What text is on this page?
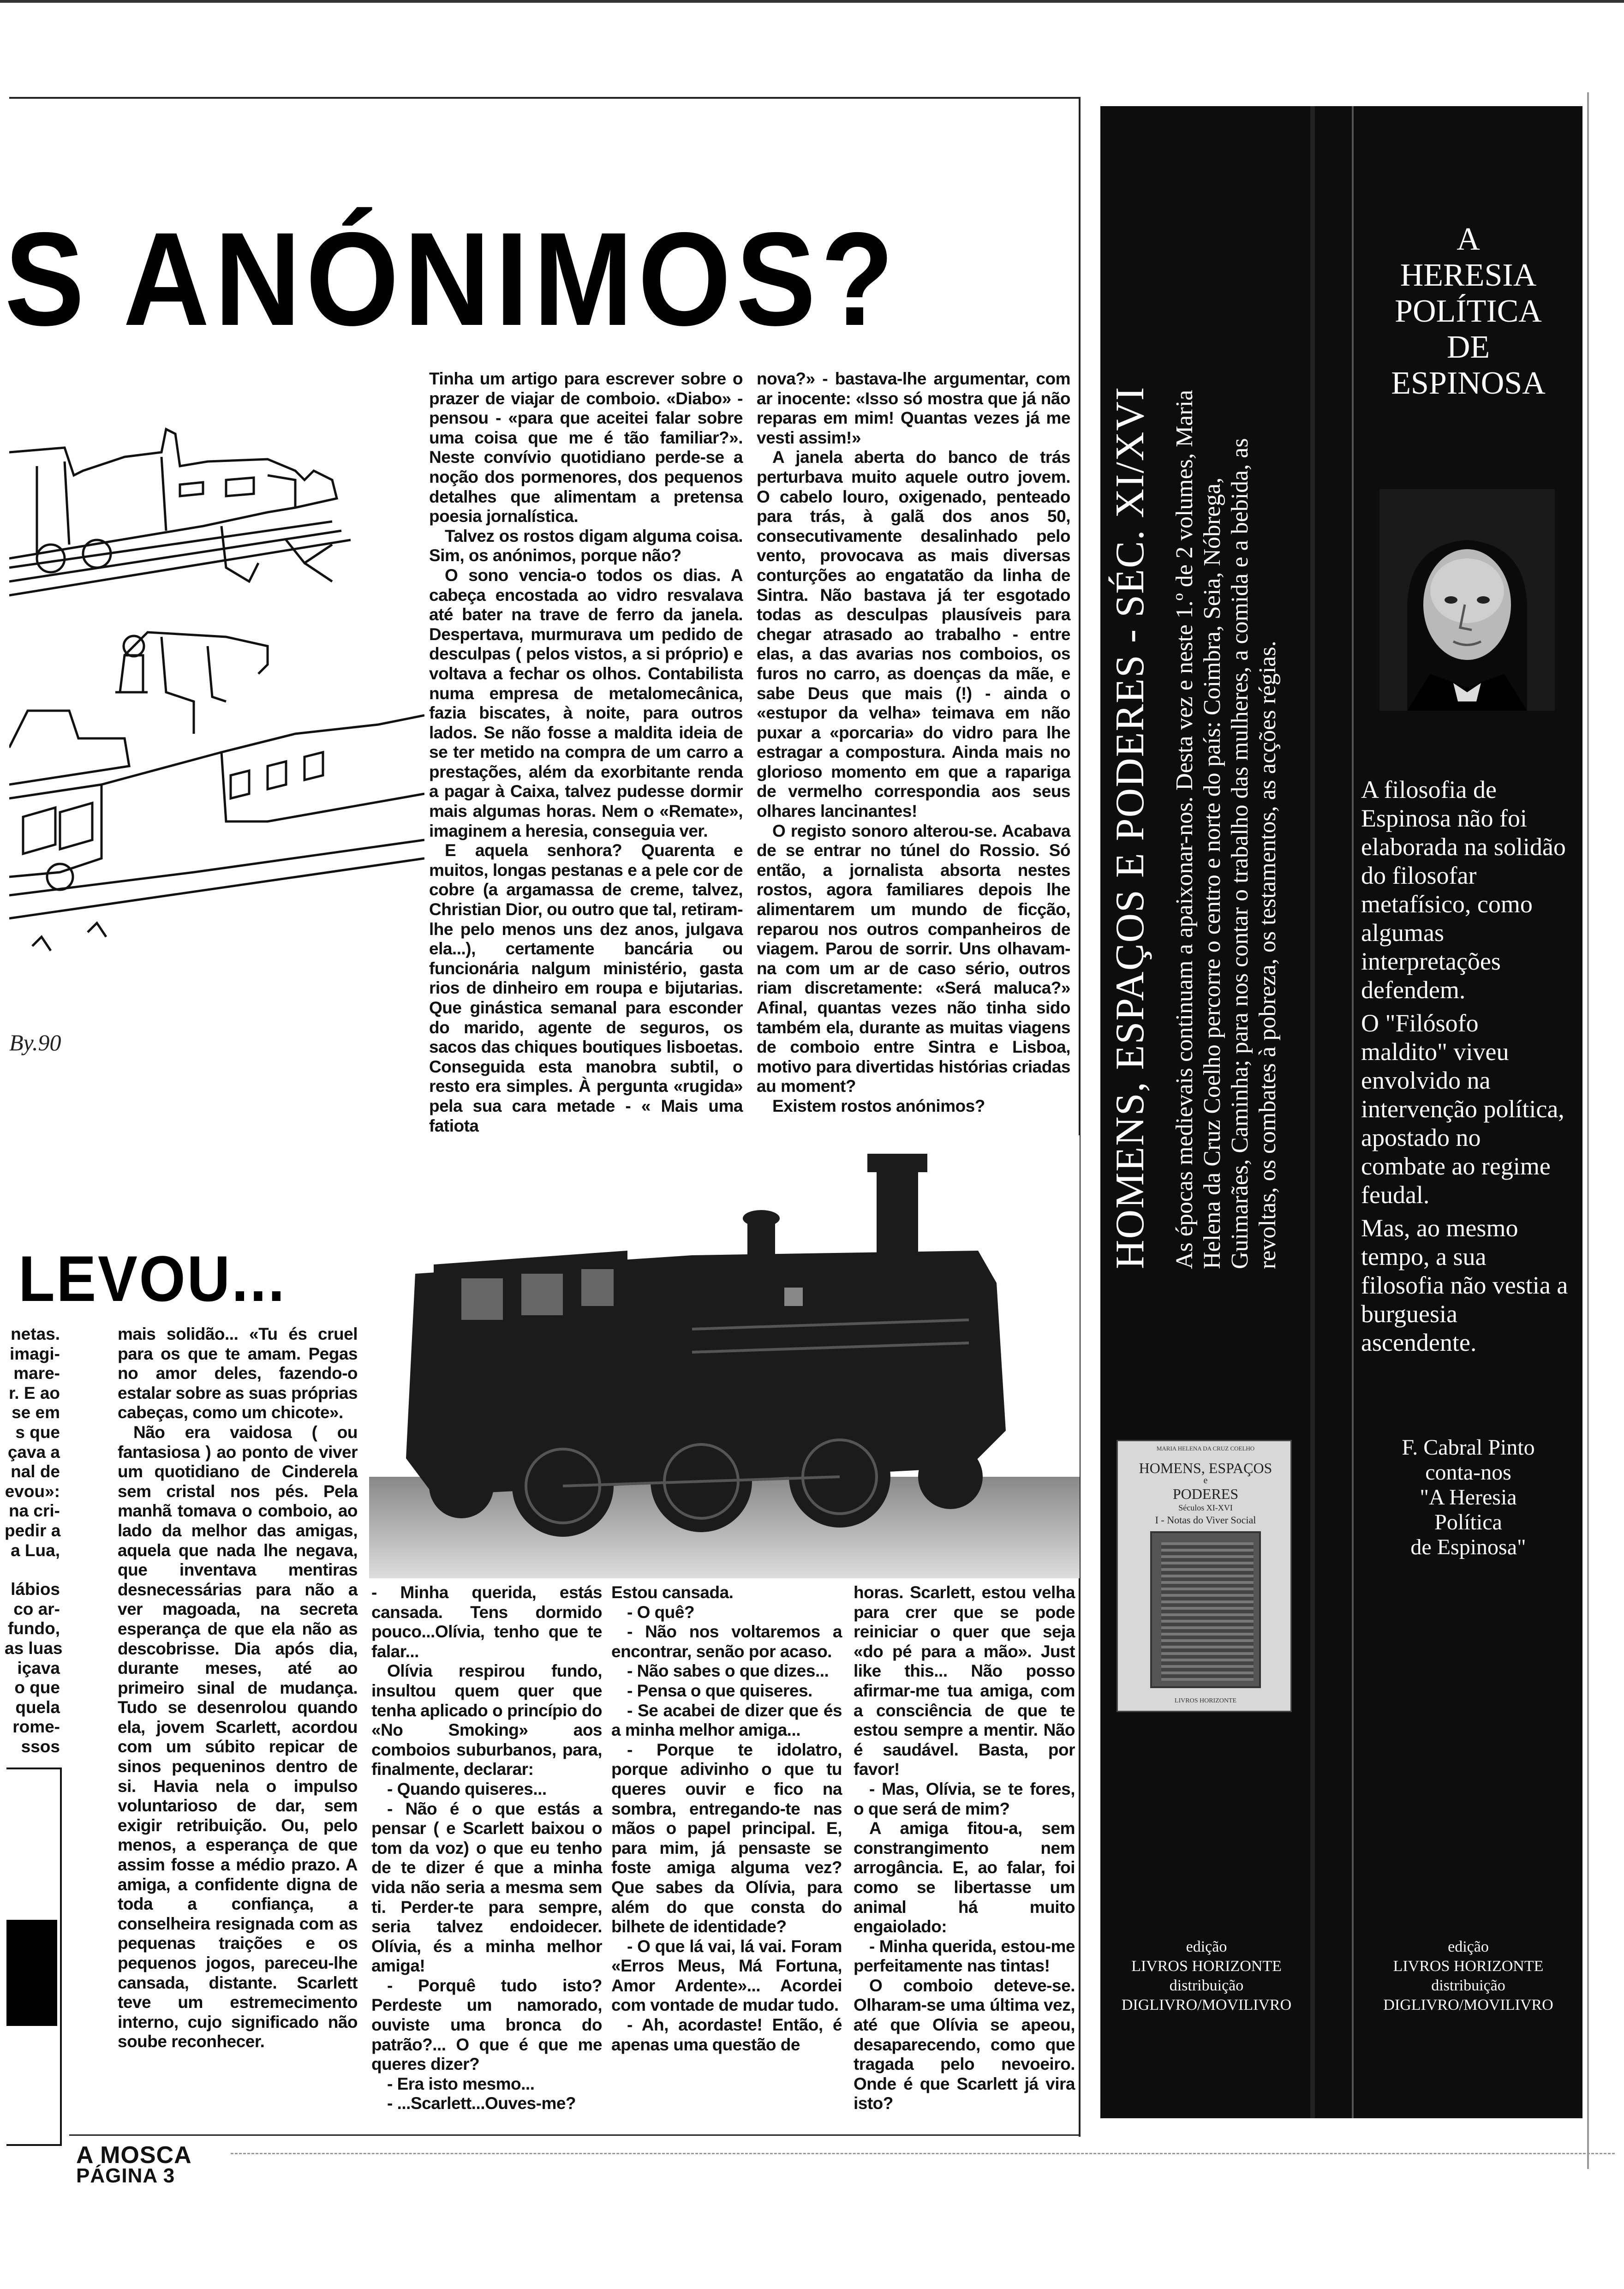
S ANÓNIMOS?
By.90

Tinha um artigo para escrever sobre o prazer de viajar de comboio. «Diabo» - pensou - «para que aceitei falar sobre uma coisa que me é tão familiar?». Neste convívio quotidiano perde-se a noção dos pormenores, dos pequenos detalhes que alimentam a pretensa poesia jornalística.

Talvez os rostos digam alguma coisa. Sim, os anónimos, porque não?

O sono vencia-o todos os dias. A cabeça encostada ao vidro resvalava até bater na trave de ferro da janela. Despertava, murmurava um pedido de desculpas ( pelos vistos, a si próprio) e voltava a fechar os olhos. Contabilista numa empresa de metalomecânica, fazia biscates, à noite, para outros lados. Se não fosse a maldita ideia de se ter metido na compra de um carro a prestações, além da exorbitante renda a pagar à Caixa, talvez pudesse dormir mais algumas horas. Nem o «Remate», imaginem a heresia, conseguia ver.

E aquela senhora? Quarenta e muitos, longas pestanas e a pele cor de cobre (a argamassa de creme, talvez, Christian Dior, ou outro que tal, retiram-lhe pelo menos uns dez anos, julgava ela...), certamente bancária ou funcionária nalgum ministério, gasta rios de dinheiro em roupa e bijutarias. Que ginástica semanal para esconder do marido, agente de seguros, os sacos das chiques boutiques lisboetas. Conseguida esta manobra subtil, o resto era simples. À pergunta «rugida» pela sua cara metade - « Mais uma fatiota

nova?» - bastava-lhe argumentar, com ar inocente: «Isso só mostra que já não reparas em mim! Quantas vezes já me vesti assim!»

A janela aberta do banco de trás perturbava muito aquele outro jovem. O cabelo louro, oxigenado, penteado para trás, à galã dos anos 50, consecutivamente desalinhado pelo vento, provocava as mais diversas conturções ao engatatão da linha de Sintra. Não bastava já ter esgotado todas as desculpas plausíveis para chegar atrasado ao trabalho - entre elas, a das avarias nos comboios, os furos no carro, as doenças da mãe, e sabe Deus que mais (!) - ainda o «estupor da velha» teimava em não puxar a «porcaria» do vidro para lhe estragar a compostura. Ainda mais no glorioso momento em que a rapariga de vermelho correspondia aos seus olhares lancinantes!

O registo sonoro alterou-se. Acabava de se entrar no túnel do Rossio. Só então, a jornalista absorta nestes rostos, agora familiares depois lhe alimentarem um mundo de ficção, reparou nos outros companheiros de viagem. Parou de sorrir. Uns olhavam-na com um ar de caso sério, outros riam discretamente: «Será maluca?» Afinal, quantas vezes não tinha sido também ela, durante as muitas viagens de comboio entre Sintra e Lisboa, motivo para divertidas histórias criadas au moment?

Existem rostos anónimos?

LEVOU...
netas.
imagi-
mare-
r. E ao
se em
s que
çava a
nal de
evou»:
na cri-
pedir a
a Lua,
lábios
co ar-
fundo,
as luas
içava
o que
quela
rome-
ssos

mais solidão... «Tu és cruel para os que te amam. Pegas no amor deles, fazendo-o estalar sobre as suas próprias cabeças, como um chicote».

Não era vaidosa ( ou fantasiosa ) ao ponto de viver um quotidiano de Cinderela sem cristal nos pés. Pela manhã tomava o comboio, ao lado da melhor das amigas, aquela que nada lhe negava, que inventava mentiras desnecessárias para não a ver magoada, na secreta esperança de que ela não as descobrisse. Dia após dia, durante meses, até ao primeiro sinal de mudança. Tudo se desenrolou quando ela, jovem Scarlett, acordou com um súbito repicar de sinos pequeninos dentro de si. Havia nela o impulso voluntarioso de dar, sem exigir retribuição. Ou, pelo menos, a esperança de que assim fosse a médio prazo. A amiga, a confidente digna de toda a confiança, a conselheira resignada com as pequenas traições e os pequenos jogos, pareceu-lhe cansada, distante. Scarlett teve um estremecimento interno, cujo significado não soube reconhecer.

- Minha querida, estás cansada. Tens dormido pouco...Olívia, tenho que te falar...

Olívia respirou fundo, insultou quem quer que tenha aplicado o princípio do «No Smoking» aos comboios suburbanos, para, finalmente, declarar:

- Quando quiseres...

- Não é o que estás a pensar ( e Scarlett baixou o tom da voz) o que eu tenho de te dizer é que a minha vida não seria a mesma sem ti. Perder-te para sempre, seria talvez endoidecer. Olívia, és a minha melhor amiga!

- Porquê tudo isto? Perdeste um namorado, ouviste uma bronca do patrão?... O que é que me queres dizer?

- Era isto mesmo...

- ...Scarlett...Ouves-me?

Estou cansada.

- O quê?

- Não nos voltaremos a encontrar, senão por acaso.

- Não sabes o que dizes...

- Pensa o que quiseres.

- Se acabei de dizer que és a minha melhor amiga...

- Porque te idolatro, porque adivinho o que tu queres ouvir e fico na sombra, entregando-te nas mãos o papel principal. E, para mim, já pensaste se foste amiga alguma vez? Que sabes da Olívia, para além do que consta do bilhete de identidade?

- O que lá vai, lá vai. Foram «Erros Meus, Má Fortuna, Amor Ardente»... Acordei com vontade de mudar tudo.

- Ah, acordaste! Então, é apenas uma questão de

horas. Scarlett, estou velha para crer que se pode reiniciar o quer que seja «do pé para a mão». Just like this... Não posso afirmar-me tua amiga, com a consciência de que te estou sempre a mentir. Não é saudável. Basta, por favor!

- Mas, Olívia, se te fores, o que será de mim?

A amiga fitou-a, sem constrangimento nem arrogância. E, ao falar, foi como se libertasse um animal há muito engaiolado:

- Minha querida, estou-me perfeitamente nas tintas!

O comboio deteve-se. Olharam-se uma última vez, até que Olívia se apeou, desaparecendo, como que tragada pelo nevoeiro. Onde é que Scarlett já vira isto?

A MOSCA
PÁGINA 3
HOMENS, ESPAÇOS E PODERES - SÉC. XI/XVI As épocas medievais continuam a apaixonar-nos. Desta vez e neste 1.º de 2 volumes, Maria Helena da Cruz Coelho percorre o centro e norte do país: Coimbra, Seia, Nóbrega, Guimarães, Caminha; para nos contar o trabalho das mulheres, a comida e a bebida, as revoltas, os combates à pobreza, os testamentos, as acções régias.
MARIA HELENA DA CRUZ COELHO
HOMENS, ESPAÇOS
e
PODERES
Séculos XI-XVI
I - Notas do Viver Social
LIVROS HORIZONTE
edição
LIVROS HORIZONTE
distribuição
DIGLIVRO/MOVILIVRO
A
HERESIA
POLÍTICA
DE
ESPINOSA

A filosofia de Espinosa não foi elaborada na solidão do filosofar metafísico, como algumas interpretações defendem.

O "Filósofo maldito" viveu envolvido na intervenção política, apostado no combate ao regime feudal.

Mas, ao mesmo tempo, a sua filosofia não vestia a burguesia ascendente.

F. Cabral Pinto
conta-nos
"A Heresia
Política
de Espinosa"
edição
LIVROS HORIZONTE
distribuição
DIGLIVRO/MOVILIVRO
